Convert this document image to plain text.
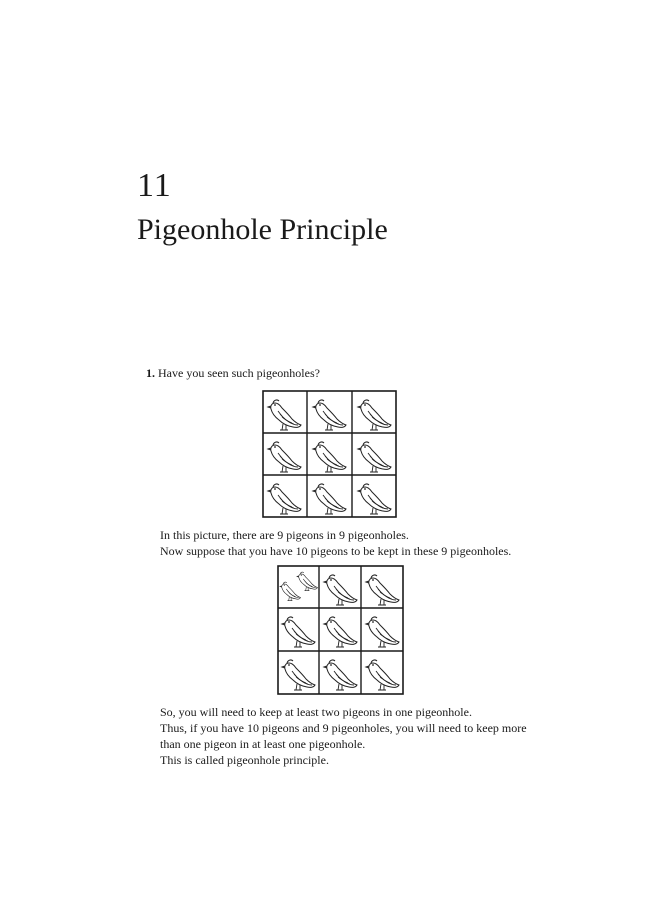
11
Pigeonhole Principle
1. Have you seen such pigeonholes?
In this picture, there are 9 pigeons in 9 pigeonholes.
Now suppose that you have 10 pigeons to be kept in these 9 pigeonholes.
So, you will need to keep at least two pigeons in one pigeonhole.
Thus, if you have 10 pigeons and 9 pigeonholes, you will need to keep more than one pigeon in at least one pigeonhole.
This is called pigeonhole principle.
